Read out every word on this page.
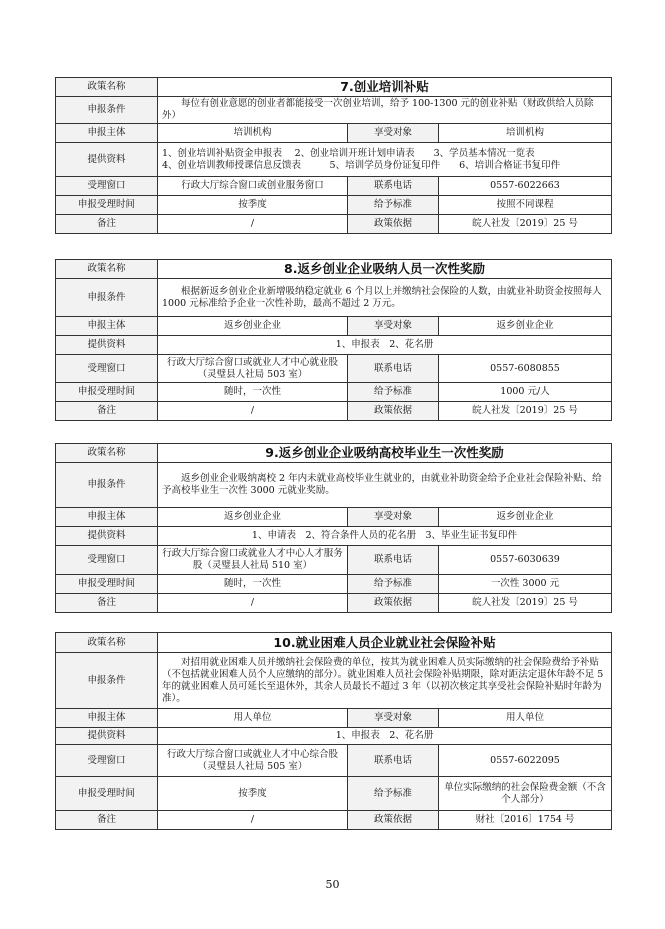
政策名称	7.创业培训补贴		
申报条件	每位有创业意愿的创业者都能接受一次创业培训，给予 100-1300 元的创业补贴（财政供给人员除外）		
申报主体	培训机构	享受对象	培训机构
提供资料	1、创业培训补贴资金申报表　 2、创业培训开班计划申请表　　3、学员基本情况一览表
4、创业培训教师授课信息反馈表　　　5、培训学员身份证复印件　　6、培训合格证书复印件		

受理窗口	行政大厅综合窗口或创业服务窗口	联系电话	0557-6022663
申报受理时间	按季度	给予标准	按照不同课程
备注	/	政策依据	皖人社发〔2019〕25 号
政策名称	8.返乡创业企业吸纳人员一次性奖励		
申报条件	根据新返乡创业企业新增吸纳稳定就业 6 个月以上并缴纳社会保险的人数，由就业补助资金按照每人 1000 元标准给予企业一次性补助，最高不超过 2 万元。		
申报主体	返乡创业企业	享受对象	返乡创业企业
提供资料	1、申报表　2、花名册		
受理窗口	行政大厅综合窗口或就业人才中心就业股（灵璧县人社局 503 室）	联系电话	0557-6080855
申报受理时间	随时，一次性	给予标准	1000 元/人
备注	/	政策依据	皖人社发〔2019〕25 号
政策名称	9.返乡创业企业吸纳高校毕业生一次性奖励		
申报条件	返乡创业企业吸纳离校 2 年内未就业高校毕业生就业的，由就业补助资金给予企业社会保险补贴、给予高校毕业生一次性 3000 元就业奖励。		
申报主体	返乡创业企业	享受对象	返乡创业企业
提供资料	1、申请表　2、符合条件人员的花名册　3、毕业生证书复印件		
受理窗口	行政大厅综合窗口或就业人才中心人才服务股（灵璧县人社局 510 室）	联系电话	0557-6030639
申报受理时间	随时，一次性	给予标准	一次性 3000 元
备注	/	政策依据	皖人社发〔2019〕25 号
政策名称	10.就业困难人员企业就业社会保险补贴		
申报条件	对招用就业困难人员并缴纳社会保险费的单位，按其为就业困难人员实际缴纳的社会保险费给予补贴（不包括就业困难人员个人应缴纳的部分）。就业困难人员社会保险补贴期限，除对距法定退休年龄不足 5 年的就业困难人员可延长至退休外，其余人员最长不超过 3 年（以初次核定其享受社会保险补贴时年龄为准）。		
申报主体	用人单位	享受对象	用人单位
提供资料	1、申报表　2、花名册		
受理窗口	行政大厅综合窗口或就业人才中心综合股（灵璧县人社局 505 室）	联系电话	0557-6022095
申报受理时间	按季度	给予标准	单位实际缴纳的社会保险费金额（不含个人部分）
备注	/	政策依据	财社〔2016〕1754 号
50
